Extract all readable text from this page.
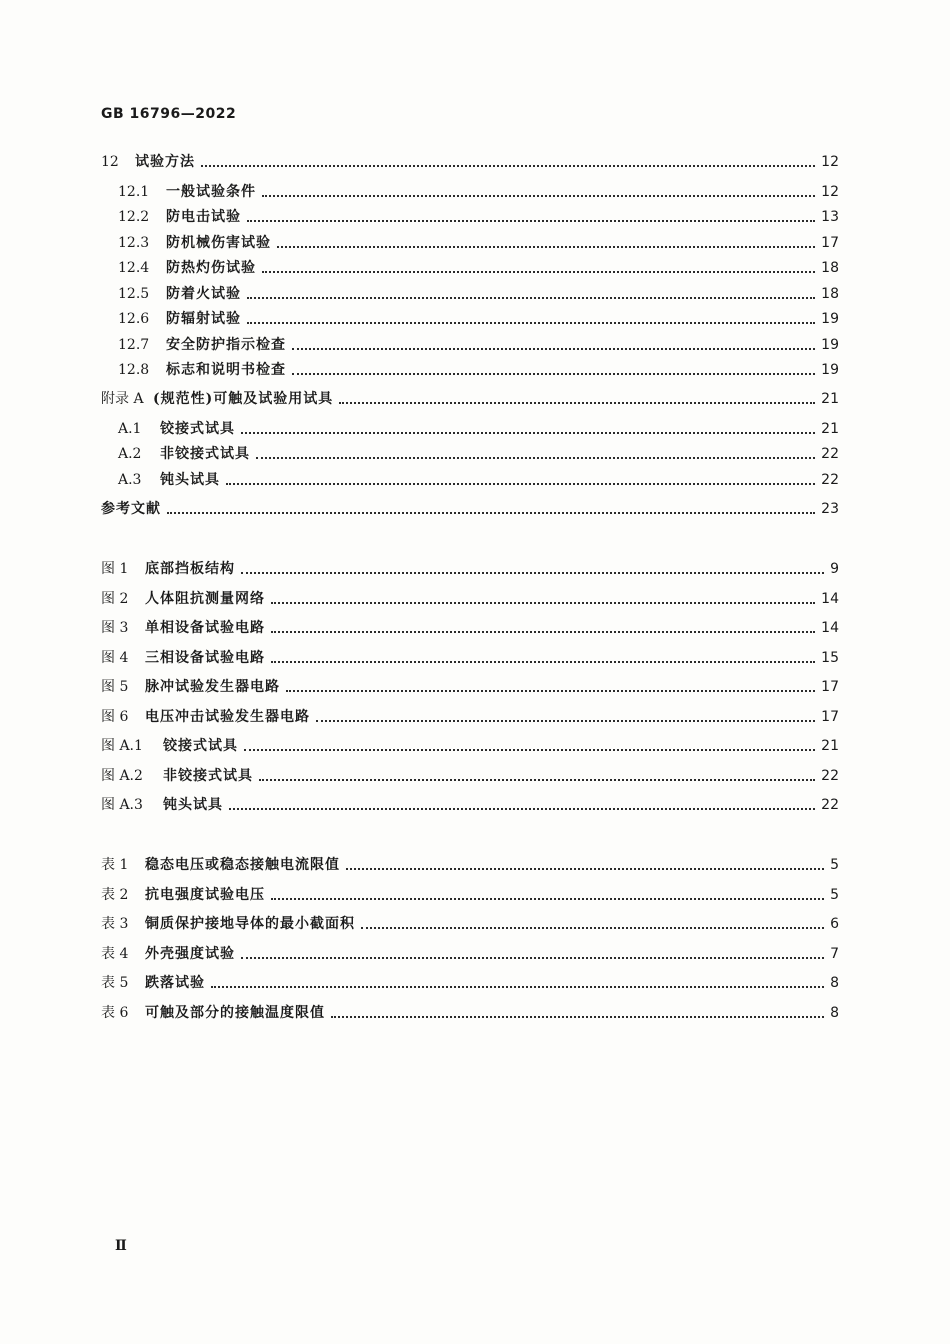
GB 16796—2022
12	试验方法	12
12.1	一般试验条件	12
12.2	防电击试验	13
12.3	防机械伤害试验	17
12.4	防热灼伤试验	18
12.5	防着火试验	18
12.6	防辐射试验	19
12.7	安全防护指示检查	19
12.8	标志和说明书检查	19
附录 A (规范性)可触及试验用试具	21
A.1	铰接式试具	21
A.2	非铰接式试具	22
A.3	钝头试具	22
参考文献	23
图 1	底部挡板结构	9
图 2	人体阻抗测量网络	14
图 3	单相设备试验电路	14
图 4	三相设备试验电路	15
图 5	脉冲试验发生器电路	17
图 6	电压冲击试验发生器电路	17
图 A.1	铰接式试具	21
图 A.2	非铰接式试具	22
图 A.3	钝头试具	22
表 1	稳态电压或稳态接触电流限值	5
表 2	抗电强度试验电压	5
表 3	铜质保护接地导体的最小截面积	6
表 4	外壳强度试验	7
表 5	跌落试验	8
表 6	可触及部分的接触温度限值	8
Ⅱ
